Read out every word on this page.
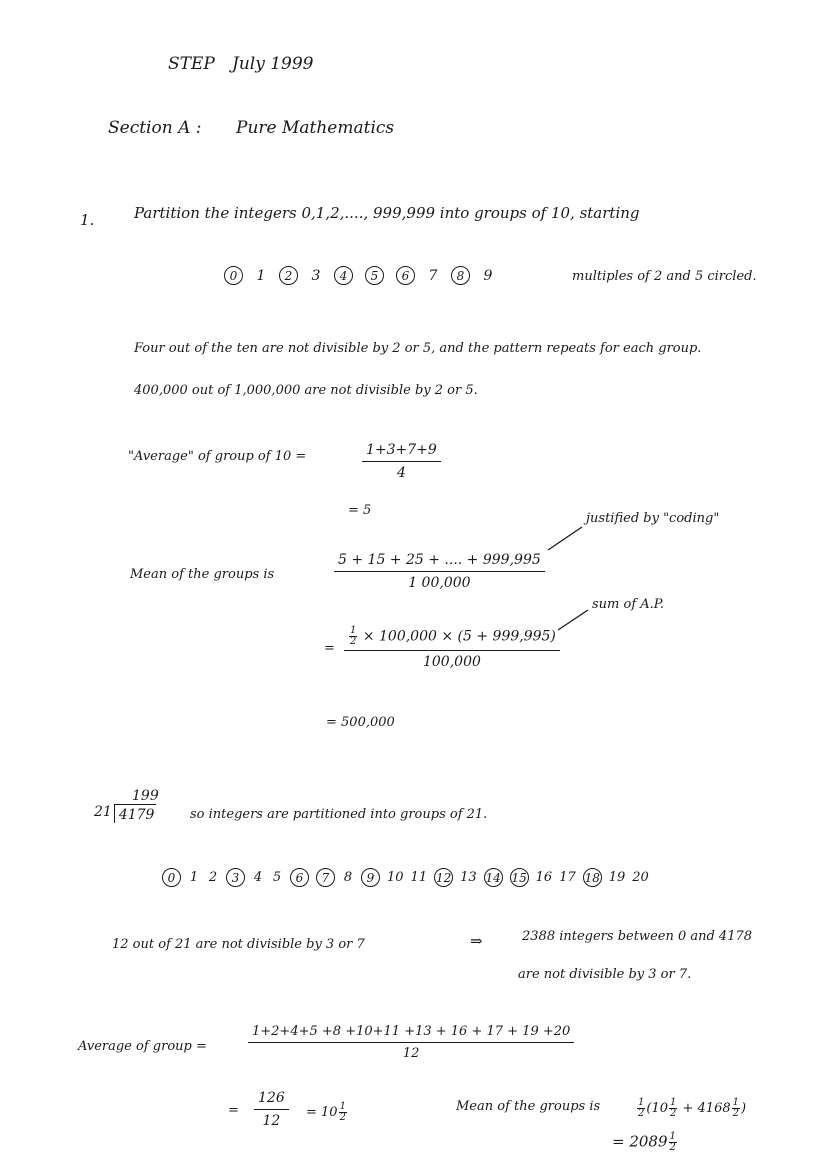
STEP July 1999
Section A : Pure Mathematics
1.	Partition the integers 0,1,2,...., 999,999 into groups of 10, starting
0	1	2	3	4	5	6	7	8	9	multiples of 2 and 5 circled.
Four out of the ten are not divisible by 2 or 5, and the pattern repeats for each group.
400,000 out of 1,000,000 are not divisible by 2 or 5.
"Average" of group of 10 =	$\frac{1+3+7+9}{4}$
= 5
justified by "coding"
Mean of the groups is	$\frac{5 + 15 + 25 + .... + 999,995}{1 00,000}$
sum of A.P.
= $\frac{\frac{1}{2} \times 100,000 \times (5 + 999,995)}{100,000}$
= 500,000
199
21 4179	so integers are partitioned into groups of 21.
0	1 2	3	4 5	6	7	8	9 10 11 12 13 14 15 16 17 18 19 20
12 out of 21 are not divisible by 3 or 7	⇒	2388 integers between 0 and 4178
are not divisible by 3 or 7.
Average of group =	$\frac{1+2+4+5 +8 +10+11 +13 + 16 + 17 + 19 +20}{12}$
= $\frac{126}{12} = 10 \frac{1}{2}$	Mean of the groups is	$\frac{1}{2} (10 \frac{1}{2} + 4168 \frac{1}{2}$ )
= $2089 \frac{1}{2}$
